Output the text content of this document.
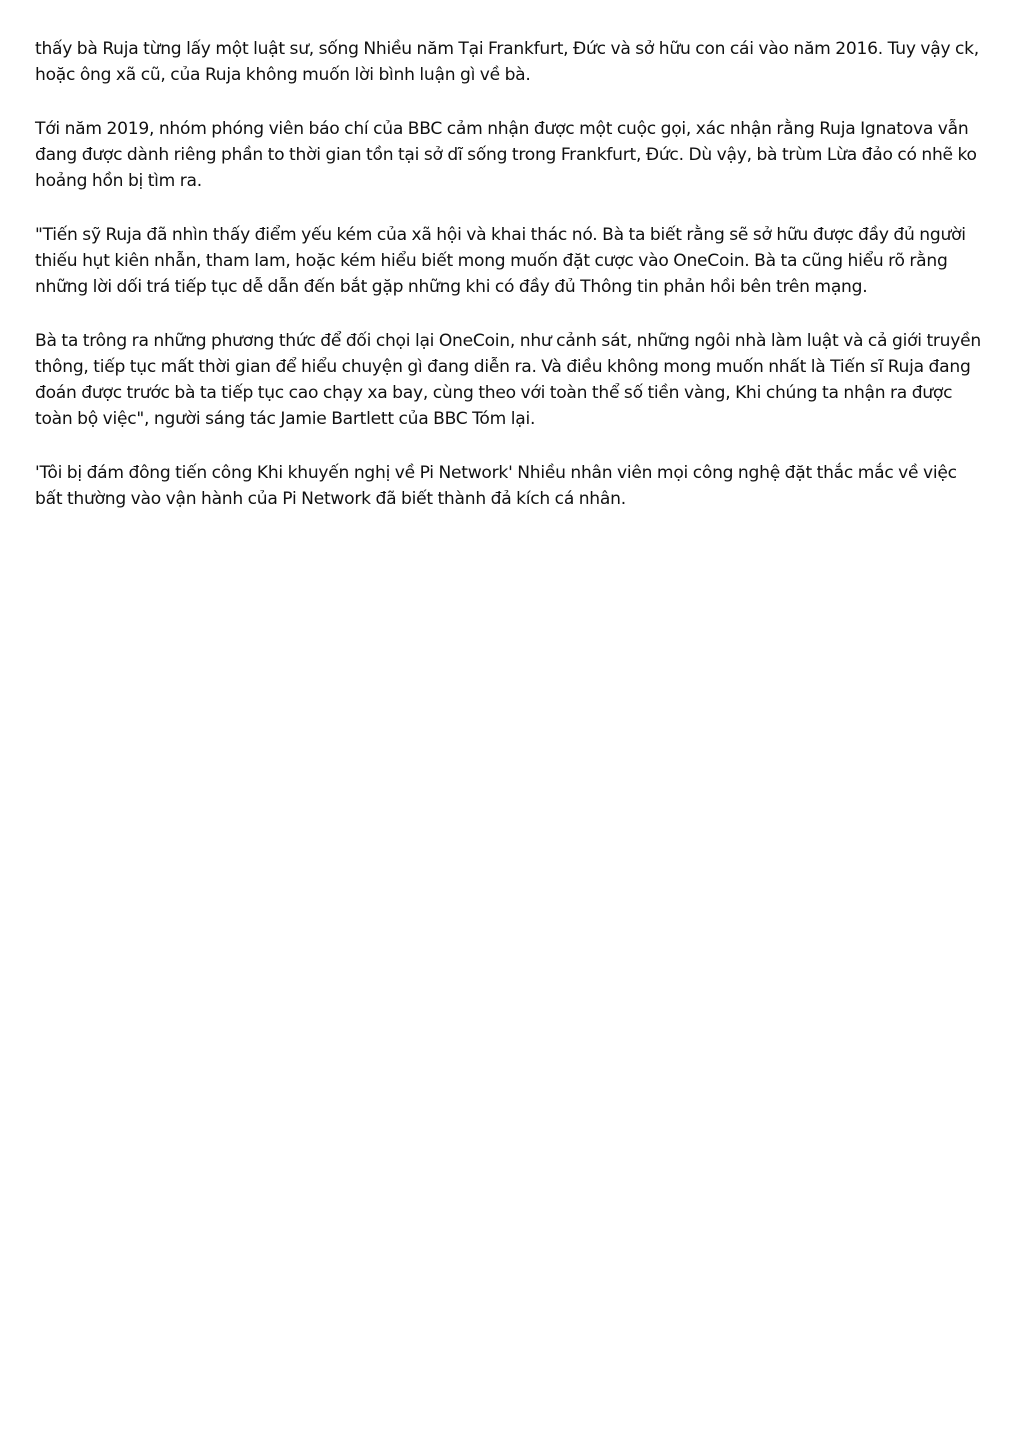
thấy bà Ruja từng lấy một luật sư, sống Nhiều năm Tại Frankfurt, Đức và sở hữu con cái vào năm 2016. Tuy vậy ck, hoặc ông xã cũ, của Ruja không muốn lời bình luận gì về bà.

Tới năm 2019, nhóm phóng viên báo chí của BBC cảm nhận được một cuộc gọi, xác nhận rằng Ruja Ignatova vẫn đang được dành riêng phần to thời gian tồn tại sở dĩ sống trong Frankfurt, Đức. Dù vậy, bà trùm Lừa đảo có nhẽ ko hoảng hồn bị tìm ra.

"Tiến sỹ Ruja đã nhìn thấy điểm yếu kém của xã hội và khai thác nó. Bà ta biết rằng sẽ sở hữu được đầy đủ người thiếu hụt kiên nhẫn, tham lam, hoặc kém hiểu biết mong muốn đặt cược vào OneCoin. Bà ta cũng hiểu rõ rằng những lời dối trá tiếp tục dễ dẫn đến bắt gặp những khi có đầy đủ Thông tin phản hồi bên trên mạng.

Bà ta trông ra những phương thức để đối chọi lại OneCoin, như cảnh sát, những ngôi nhà làm luật và cả giới truyền thông, tiếp tục mất thời gian để hiểu chuyện gì đang diễn ra. Và điều không mong muốn nhất là Tiến sĩ Ruja đang đoán được trước bà ta tiếp tục cao chạy xa bay, cùng theo với toàn thể số tiền vàng, Khi chúng ta nhận ra được toàn bộ việc", người sáng tác Jamie Bartlett của BBC Tóm lại.

'Tôi bị đám đông tiến công Khi khuyến nghị về Pi Network' Nhiều nhân viên mọi công nghệ đặt thắc mắc về việc bất thường vào vận hành của Pi Network đã biết thành đả kích cá nhân.
